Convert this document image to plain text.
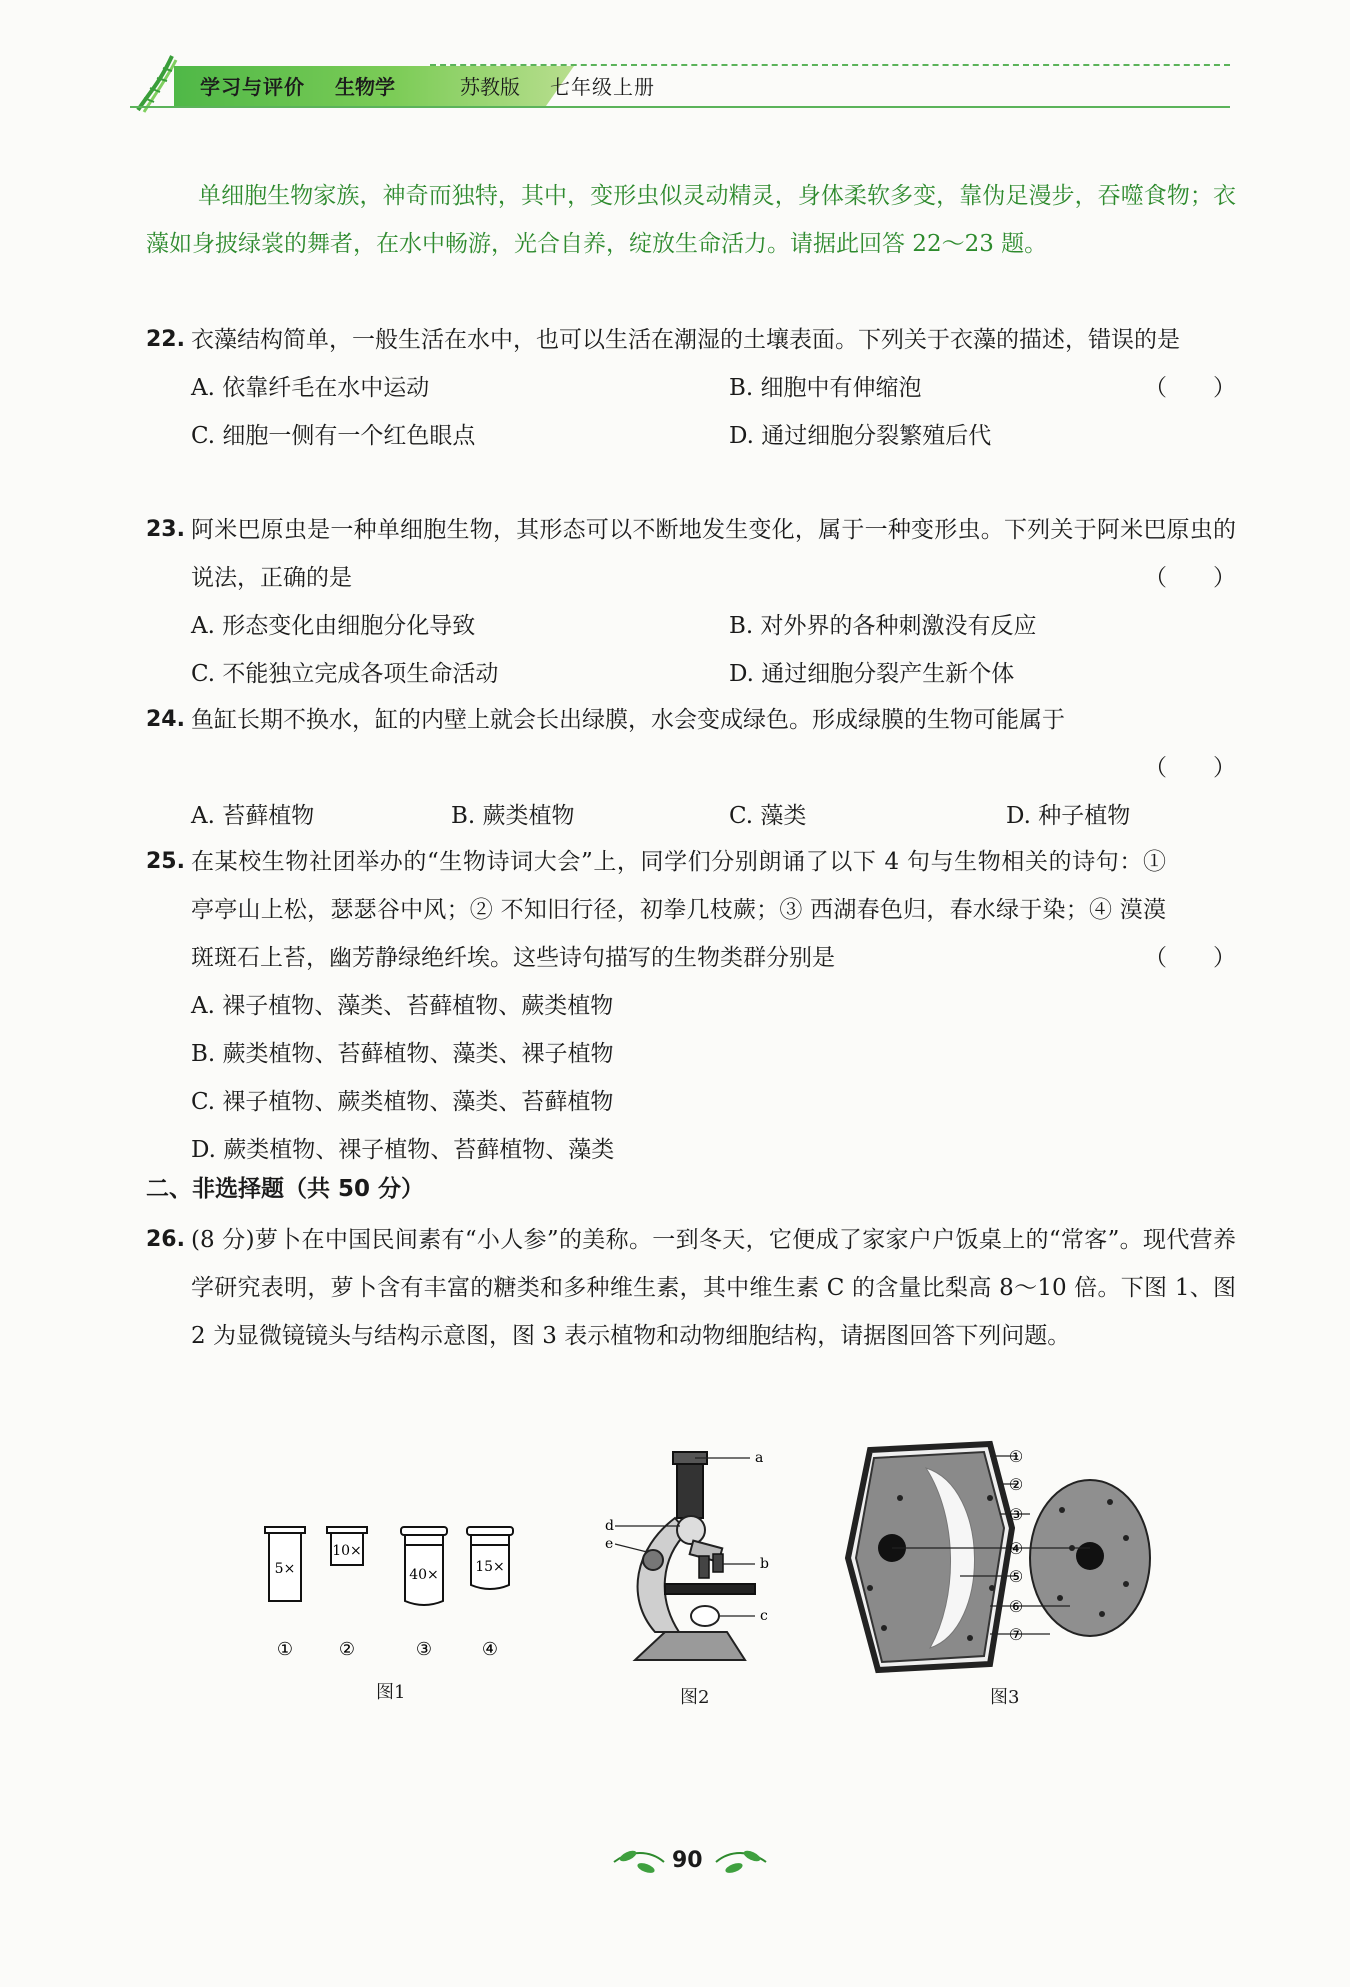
学习与评价 生物学	苏教版 七年级上册
单细胞生物家族，神奇而独特，其中，变形虫似灵动精灵，身体柔软多变，靠伪足漫步，吞噬食物；衣藻如身披绿裳的舞者，在水中畅游，光合自养，绽放生命活力。请据此回答 22～23 题。
22. 衣藻结构简单，一般生活在水中，也可以生活在潮湿的土壤表面。下列关于衣藻的描述，错误的是
（　　）
A. 依靠纤毛在水中运动	B. 细胞中有伸缩泡
C. 细胞一侧有一个红色眼点	D. 通过细胞分裂繁殖后代
23. 阿米巴原虫是一种单细胞生物，其形态可以不断地发生变化，属于一种变形虫。下列关于阿米巴原虫的说法，正确的是	（　　）
A. 形态变化由细胞分化导致	B. 对外界的各种刺激没有反应
C. 不能独立完成各项生命活动	D. 通过细胞分裂产生新个体
24. 鱼缸长期不换水，缸的内壁上就会长出绿膜，水会变成绿色。形成绿膜的生物可能属于
（　　）
A. 苔藓植物	B. 蕨类植物	C. 藻类	D. 种子植物
25. 在某校生物社团举办的“生物诗词大会”上，同学们分别朗诵了以下 4 句与生物相关的诗句：① 亭亭山上松，瑟瑟谷中风；② 不知旧行径，初拳几枝蕨；③ 西湖春色归，春水绿于染；④ 漠漠斑斑石上苔，幽芳静绿绝纤埃。这些诗句描写的生物类群分别是	（　　）
A. 裸子植物、藻类、苔藓植物、蕨类植物
B. 蕨类植物、苔藓植物、藻类、裸子植物
C. 裸子植物、蕨类植物、藻类、苔藓植物
D. 蕨类植物、裸子植物、苔藓植物、藻类
二、非选择题（共 50 分）
26. (8 分)萝卜在中国民间素有“小人参”的美称。一到冬天，它便成了家家户户饭桌上的“常客”。现代营养学研究表明，萝卜含有丰富的糖类和多种维生素，其中维生素 C 的含量比梨高 8～10 倍。下图 1、图 2 为显微镜镜头与结构示意图，图 3 表示植物和动物细胞结构，请据图回答下列问题。
5×
①
10×
②
40×
③
15×
④
图1
a
b
c
d
e
图2
①
②
③
④
⑤
⑥
⑦
图3
90
